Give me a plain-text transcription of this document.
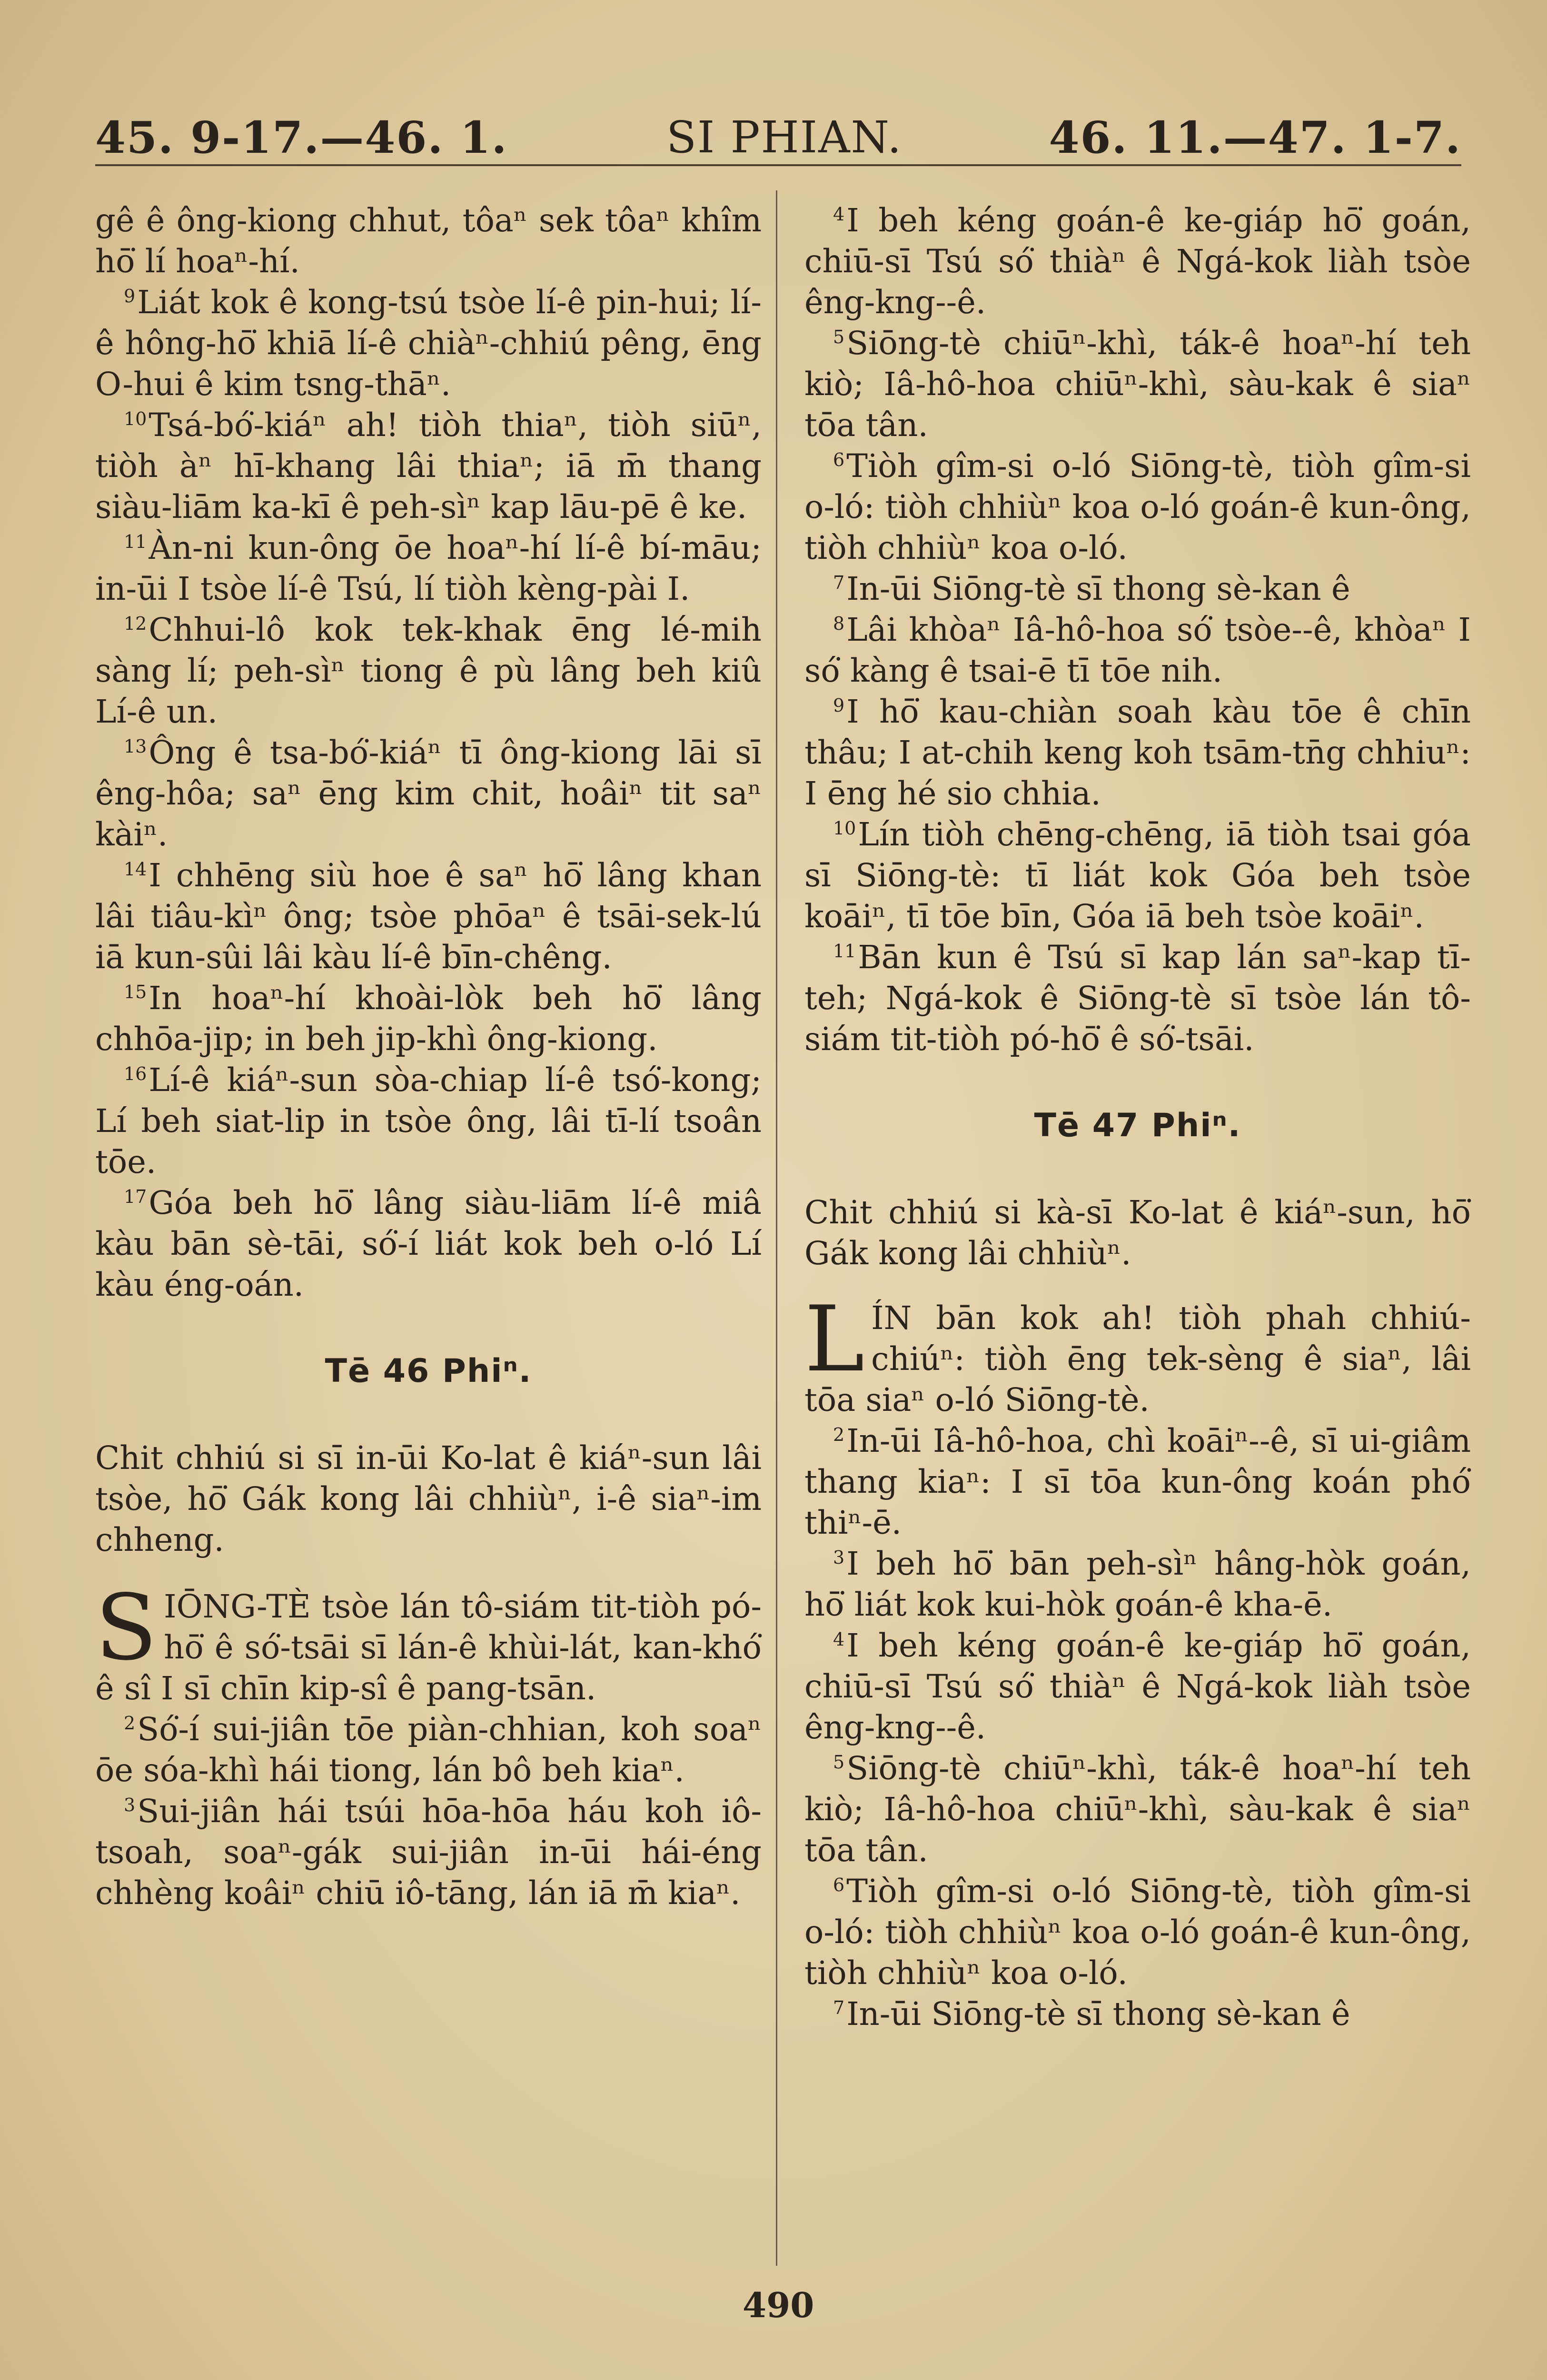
45. 9-17.—46. 1.	SI PHIAN.	46. 11.—47. 1-7.

gê ê ông-kiong chhut, tôaⁿ sek tôaⁿ khîm hō͘ lí hoaⁿ-hí.

$^9$Liát kok ê kong-tsú tsòe lí-ê pin-hui; lí-ê hông-hō͘ khiā lí-ê chiàⁿ-chhiú pêng, ēng O-hui ê kim tsng-thāⁿ.

$^{10}$Tsá-bó͘-kiáⁿ ah! tiòh thiaⁿ, tiòh siūⁿ, tiòh àⁿ hī-khang lâi thiaⁿ; iā m̄ thang siàu-liām ka-kī ê peh-sìⁿ kap lāu-pē ê ke.

$^{11}$Àn-ni kun-ông ōe hoaⁿ-hí lí-ê bí-māu; in-ūi I tsòe lí-ê Tsú, lí tiòh kèng-pài I.

$^{12}$Chhui-lô kok tek-khak ēng lé-mih sàng lí; peh-sìⁿ tiong ê pù lâng beh kiû Lí-ê un.

$^{13}$Ông ê tsa-bó͘-kiáⁿ tī ông-kiong lāi sī êng-hôa; saⁿ ēng kim chit, hoâiⁿ tit saⁿ kàiⁿ.

$^{14}$I chhēng siù hoe ê saⁿ hō͘ lâng khan lâi tiâu-kìⁿ ông; tsòe phōaⁿ ê tsāi-sek-lú iā kun-sûi lâi kàu lí-ê bīn-chêng.

$^{15}$In hoaⁿ-hí khoài-lòk beh hō͘ lâng chhōa-jip; in beh jip-khì ông-kiong.

$^{16}$Lí-ê kiáⁿ-sun sòa-chiap lí-ê tsó͘-kong; Lí beh siat-lip in tsòe ông, lâi tī-lí tsoân tōe.

$^{17}$Góa beh hō͘ lâng siàu-liām lí-ê miâ kàu bān sè-tāi, só͘-í liát kok beh o-ló Lí kàu éng-oán.

Tē 46 Phiⁿ.

Chit chhiú si sī in-ūi Ko-lat ê kiáⁿ-sun lâi tsòe, hō͘ Gák kong lâi chhiùⁿ, i-ê siaⁿ-im chheng.

SIŌNG-TÈ tsòe lán tô-siám tit-tiòh pó-hō͘ ê só͘-tsāi sī lán-ê khùi-lát, kan-khó͘ ê sî I sī chīn kip-sî ê pang-tsān.

$^2$Só͘-í sui-jiân tōe piàn-chhian, koh soaⁿ ōe sóa-khì hái tiong, lán bô beh kiaⁿ.

$^3$Sui-jiân hái tsúi hōa-hōa háu koh iô-tsoah, soaⁿ-gák sui-jiân in-ūi hái-éng chhèng koâiⁿ chiū iô-tāng, lán iā m̄ kiaⁿ.

$^4$I beh kéng goán-ê ke-giáp hō͘ goán, chiū-sī Tsú só͘ thiàⁿ ê Ngá-kok liàh tsòe êng-kng--ê.

$^5$Siōng-tè chiūⁿ-khì, ták-ê hoaⁿ-hí teh kiò; Iâ-hô-hoa chiūⁿ-khì, sàu-kak ê siaⁿ tōa tân.

$^6$Tiòh gîm-si o-ló Siōng-tè, tiòh gîm-si o-ló: tiòh chhiùⁿ koa o-ló goán-ê kun-ông, tiòh chhiùⁿ koa o-ló.

$^7$In-ūi Siōng-tè sī thong sè-kan ê

$^8$Lâi khòaⁿ Iâ-hô-hoa só͘ tsòe--ê, khòaⁿ I só͘ kàng ê tsai-ē tī tōe nih.

$^9$I hō͘ kau-chiàn soah kàu tōe ê chīn thâu; I at-chih keng koh tsām-tn̄g chhiuⁿ: I ēng hé sio chhia.

$^{10}$Lín tiòh chēng-chēng, iā tiòh tsai góa sī Siōng-tè: tī liát kok Góa beh tsòe koāiⁿ, tī tōe bīn, Góa iā beh tsòe koāiⁿ.

$^{11}$Bān kun ê Tsú sī kap lán saⁿ-kap tī-teh; Ngá-kok ê Siōng-tè sī tsòe lán tô-siám tit-tiòh pó-hō͘ ê só͘-tsāi.

Tē 47 Phiⁿ.

Chit chhiú si kà-sī Ko-lat ê kiáⁿ-sun, hō͘ Gák kong lâi chhiùⁿ.

LÍN bān kok ah! tiòh phah chhiú-chiúⁿ: tiòh ēng tek-sèng ê siaⁿ, lâi tōa siaⁿ o-ló Siōng-tè.

$^2$In-ūi Iâ-hô-hoa, chì koāiⁿ--ê, sī ui-giâm thang kiaⁿ: I sī tōa kun-ông koán phó͘ thiⁿ-ē.

$^3$I beh hō͘ bān peh-sìⁿ hâng-hòk goán, hō͘ liát kok kui-hòk goán-ê kha-ē.

$^4$I beh kéng goán-ê ke-giáp hō͘ goán, chiū-sī Tsú só͘ thiàⁿ ê Ngá-kok liàh tsòe êng-kng--ê.

$^5$Siōng-tè chiūⁿ-khì, ták-ê hoaⁿ-hí teh kiò; Iâ-hô-hoa chiūⁿ-khì, sàu-kak ê siaⁿ tōa tân.

$^6$Tiòh gîm-si o-ló Siōng-tè, tiòh gîm-si o-ló: tiòh chhiùⁿ koa o-ló goán-ê kun-ông, tiòh chhiùⁿ koa o-ló.

$^7$In-ūi Siōng-tè sī thong sè-kan ê

490
